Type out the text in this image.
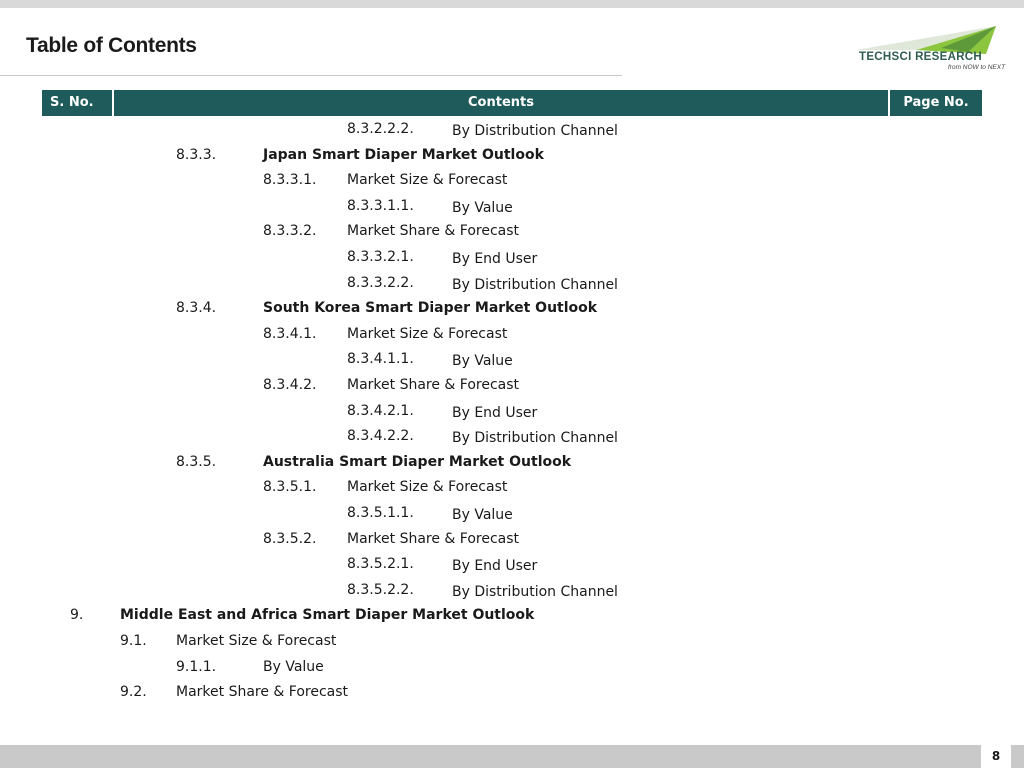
Table of Contents	TECHSCI RESEARCH
from NOW to NEXT
S. No.	Contents	Page No.
8.3.2.2.2.	By Distribution Channel
8.3.3.	Japan Smart Diaper Market Outlook
8.3.3.1. Market Size & Forecast
8.3.3.1.1.	By Value
8.3.3.2. Market Share & Forecast
8.3.3.2.1.	By End User
8.3.3.2.2.	By Distribution Channel
8.3.4.	South Korea Smart Diaper Market Outlook
8.3.4.1. Market Size & Forecast
8.3.4.1.1.	By Value
8.3.4.2. Market Share & Forecast
8.3.4.2.1.	By End User
8.3.4.2.2.	By Distribution Channel
8.3.5.	Australia Smart Diaper Market Outlook
8.3.5.1. Market Size & Forecast
8.3.5.1.1.	By Value
8.3.5.2. Market Share & Forecast
8.3.5.2.1.	By End User
8.3.5.2.2.	By Distribution Channel
9.	Middle East and Africa Smart Diaper Market Outlook
9.1. Market Size & Forecast
9.1.1.	By Value
9.2. Market Share & Forecast
8
